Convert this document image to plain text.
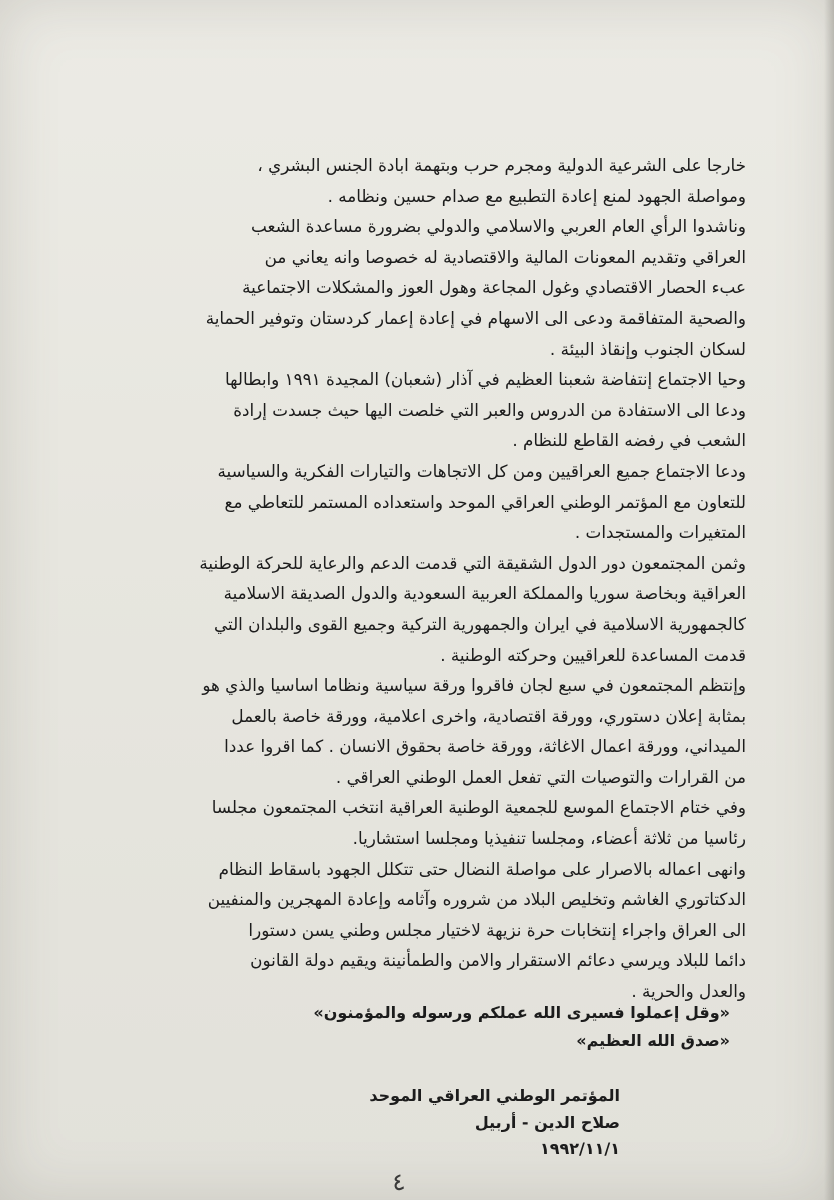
خارجا على الشرعية الدولية ومجرم حرب وبتهمة ابادة الجنس البشري ،
ومواصلة الجهود لمنع إعادة التطبيع مع صدام حسين ونظامه .
وناشدوا الرأي العام العربي والاسلامي والدولي بضرورة مساعدة الشعب
العراقي وتقديم المعونات المالية والاقتصادية له خصوصا وانه يعاني من
عبء الحصار الاقتصادي وغول المجاعة وهول العوز والمشكلات الاجتماعية
والصحية المتفاقمة ودعى الى الاسهام في إعادة إعمار كردستان وتوفير الحماية
لسكان الجنوب وإنقاذ البيئة .
وحيا الاجتماع إنتفاضة شعبنا العظيم في آذار (شعبان) المجيدة ١٩٩١ وابطالها
ودعا الى الاستفادة من الدروس والعبر التي خلصت اليها حيث جسدت إرادة
الشعب في رفضه القاطع للنظام .
ودعا الاجتماع جميع العراقيين ومن كل الاتجاهات والتيارات الفكرية والسياسية
للتعاون مع المؤتمر الوطني العراقي الموحد واستعداده المستمر للتعاطي مع
المتغيرات والمستجدات .
وثمن المجتمعون دور الدول الشقيقة التي قدمت الدعم والرعاية للحركة الوطنية
العراقية وبخاصة سوريا والمملكة العربية السعودية والدول الصديقة الاسلامية
كالجمهورية الاسلامية في ايران والجمهورية التركية وجميع القوى والبلدان التي
قدمت المساعدة للعراقيين وحركته الوطنية .
وإنتظم المجتمعون في سبع لجان فاقروا ورقة سياسية ونظاما اساسيا والذي هو
بمثابة إعلان دستوري، وورقة اقتصادية، واخرى اعلامية، وورقة خاصة بالعمل
الميداني، وورقة اعمال الاغاثة، وورقة خاصة بحقوق الانسان . كما اقروا عددا
من القرارات والتوصيات التي تفعل العمل الوطني العراقي .
وفي ختام الاجتماع الموسع للجمعية الوطنية العراقية انتخب المجتمعون مجلسا
رئاسيا من ثلاثة أعضاء، ومجلسا تنفيذيا ومجلسا استشاريا.
وانهى اعماله بالاصرار على مواصلة النضال حتى تتكلل الجهود باسقاط النظام
الدكتاتوري الغاشم وتخليص البلاد من شروره وآثامه وإعادة المهجرين والمنفيين
الى العراق واجراء إنتخابات حرة نزيهة لاختيار مجلس وطني يسن دستورا
دائما للبلاد ويرسي دعائم الاستقرار والامن والطمأنينة ويقيم دولة القانون
والعدل والحرية .
«وقل إعملوا فسيرى الله عملكم ورسوله والمؤمنون»
«صدق الله العظيم»
المؤتمر الوطني العراقي الموحد
صلاح الدين - أربيل
١٩٩٢/١١/١
٤
